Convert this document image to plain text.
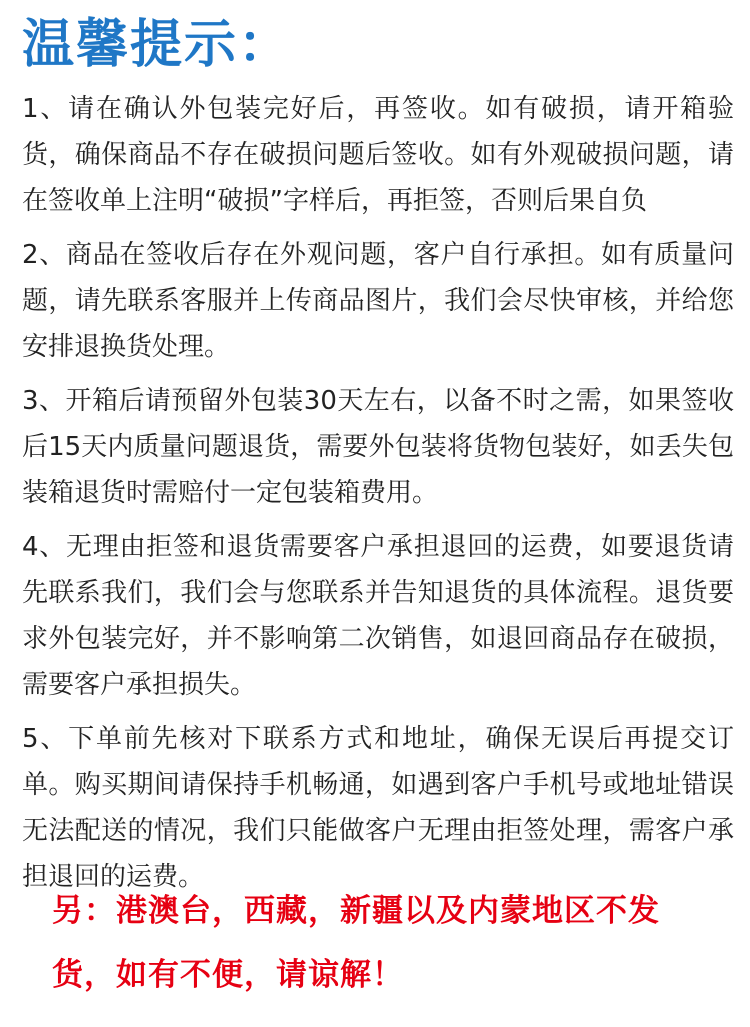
温馨提示：

1、请在确认外包装完好后，再签收。如有破损，请开箱验货，确保商品不存在破损问题后签收。如有外观破损问题，请在签收单上注明“破损”字样后，再拒签，否则后果自负

2、商品在签收后存在外观问题，客户自行承担。如有质量问题，请先联系客服并上传商品图片，我们会尽快审核，并给您安排退换货处理。

3、开箱后请预留外包装30天左右，以备不时之需，如果签收后15天内质量问题退货，需要外包装将货物包装好，如丢失包装箱退货时需赔付一定包装箱费用。

4、无理由拒签和退货需要客户承担退回的运费，如要退货请先联系我们，我们会与您联系并告知退货的具体流程。退货要求外包装完好，并不影响第二次销售，如退回商品存在破损，需要客户承担损失。

5、下单前先核对下联系方式和地址，确保无误后再提交订单。购买期间请保持手机畅通，如遇到客户手机号或地址错误无法配送的情况，我们只能做客户无理由拒签处理，需客户承担退回的运费。

另：港澳台，西藏，新疆以及内蒙地区不发货，如有不便，请谅解！
